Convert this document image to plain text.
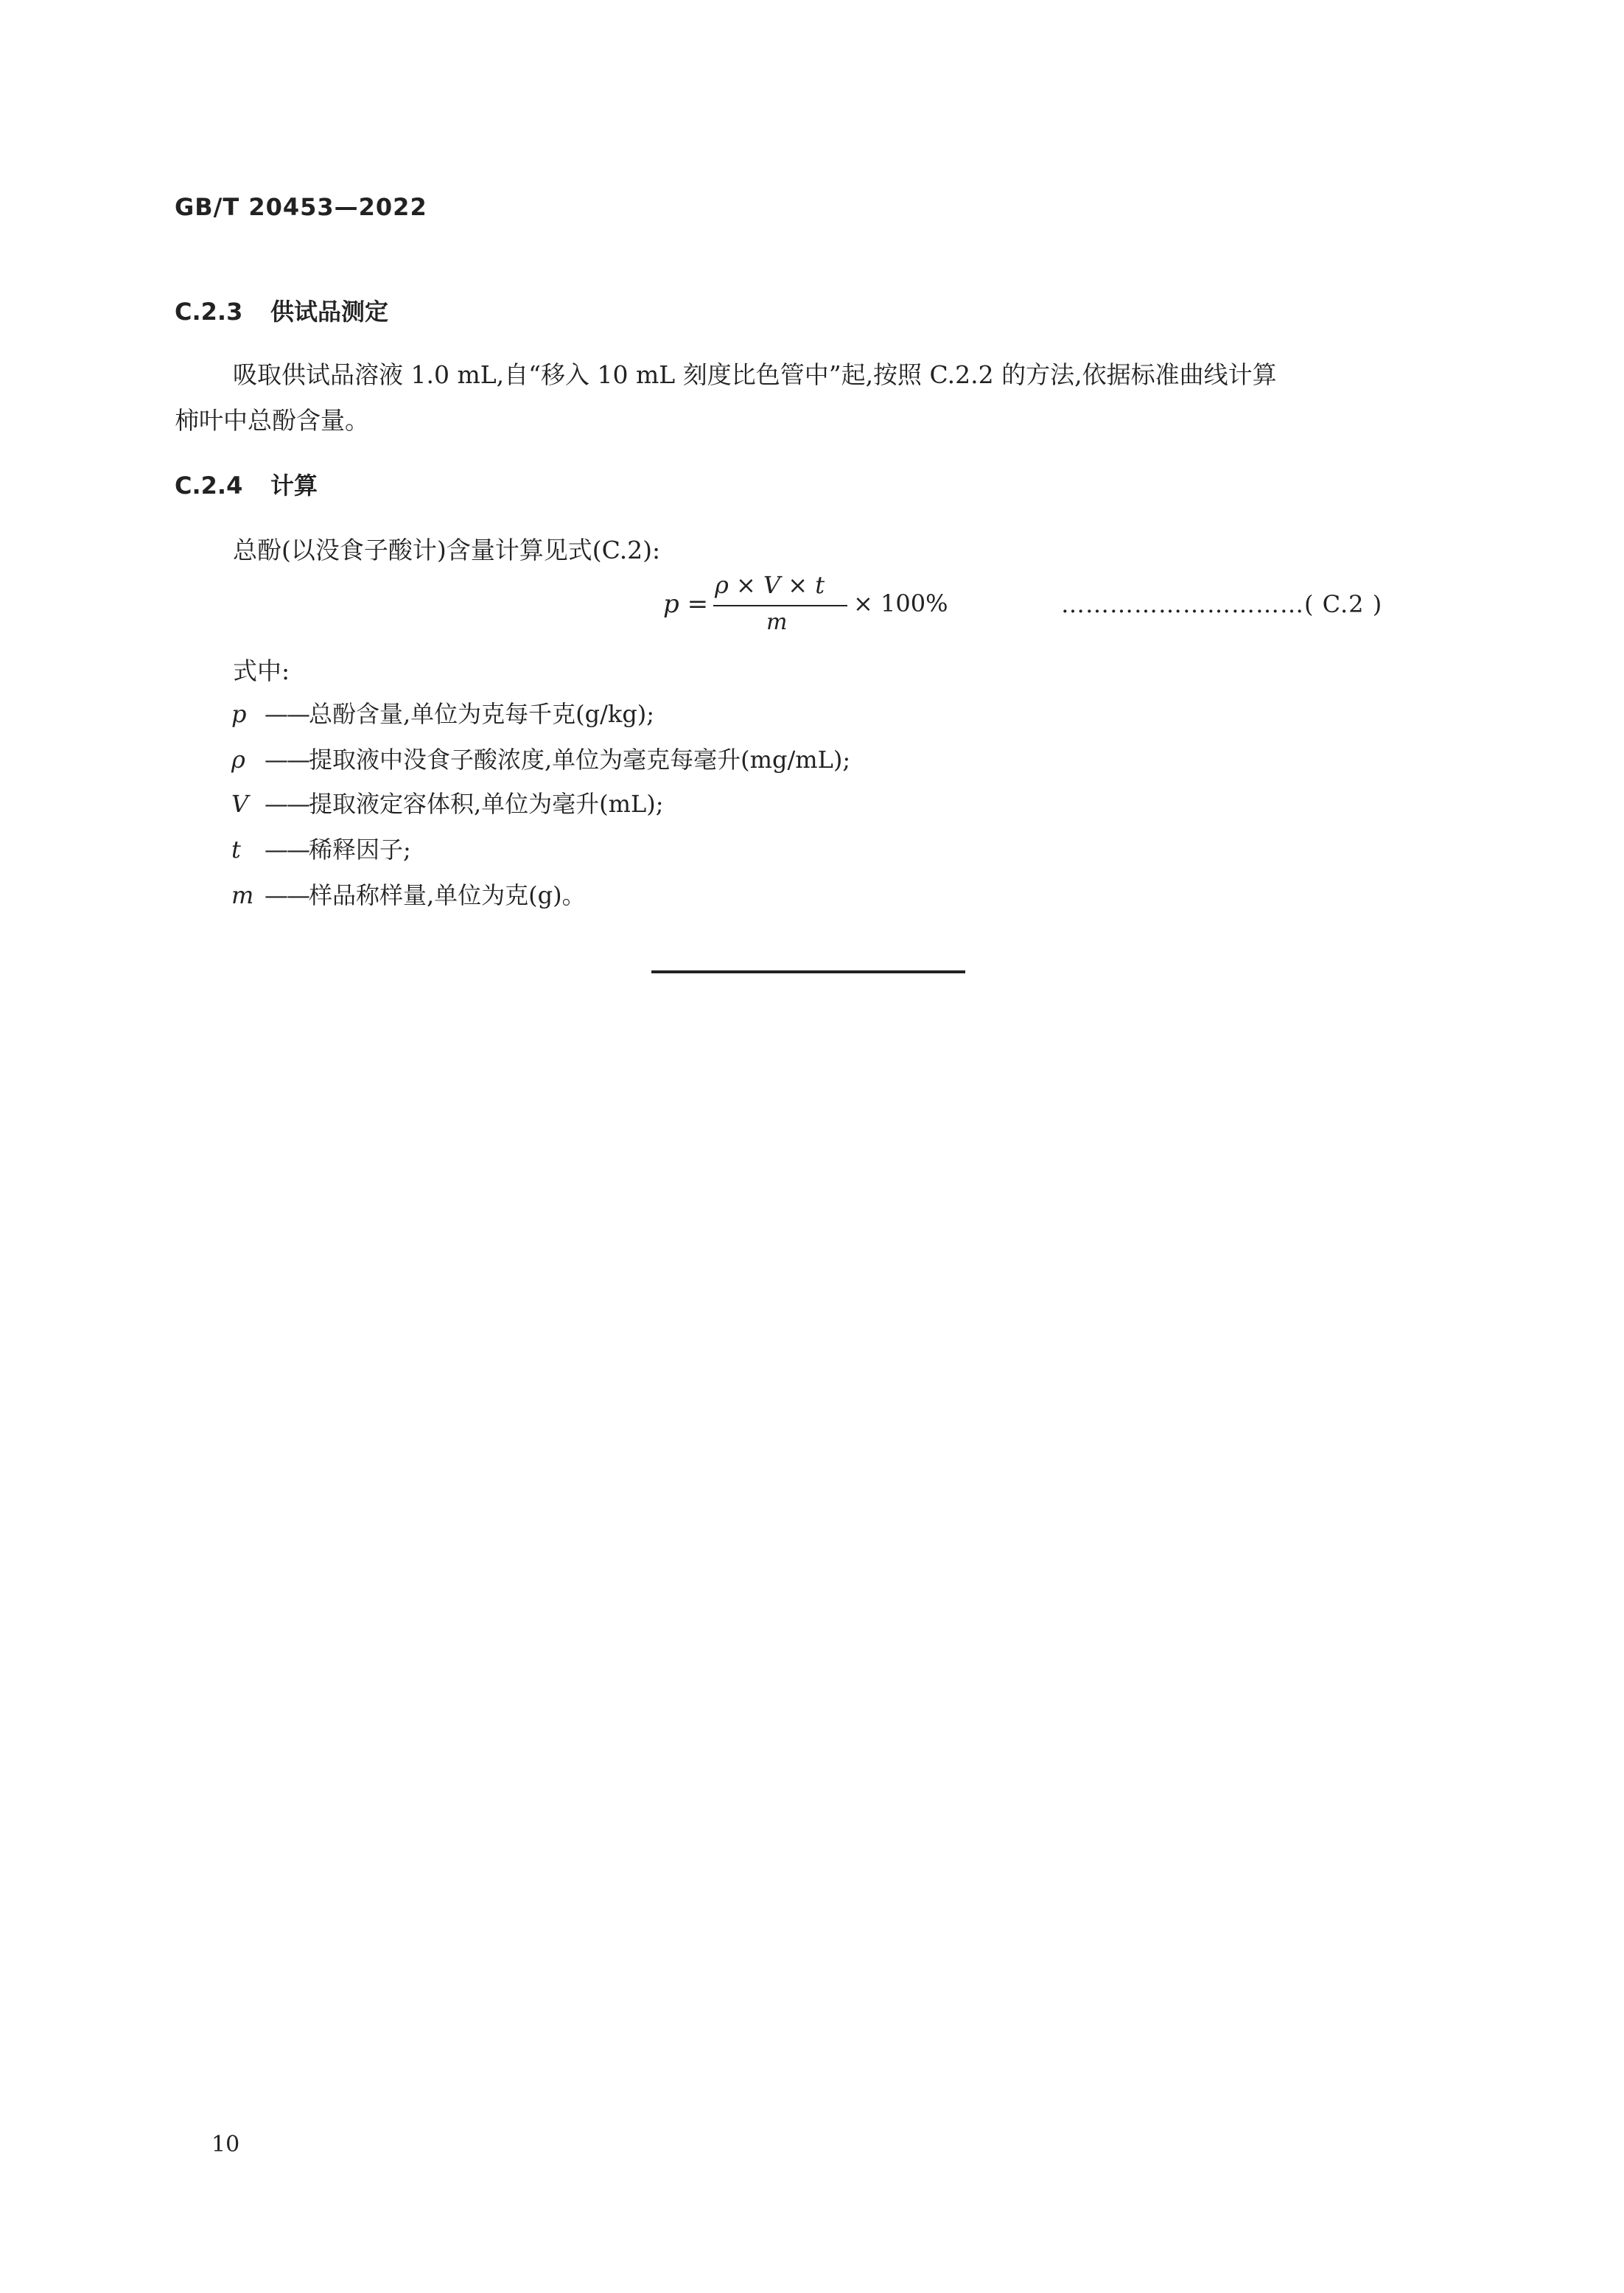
GB/T 20453—2022
C.2.3 供试品测定
吸取供试品溶液 1.0 mL,自“移入 10 mL 刻度比色管中”起,按照 C.2.2 的方法,依据标准曲线计算
柿叶中总酚含量。
C.2.4 计算
总酚(以没食子酸计)含量计算见式(C.2):
p =
ρ × V × t
m
× 100%	…………………………( C.2 )
式中:
p ——总酚含量,单位为克每千克(g/kg);
ρ ——提取液中没食子酸浓度,单位为毫克每毫升(mg/mL);
V ——提取液定容体积,单位为毫升(mL);
t ——稀释因子;
m ——样品称样量,单位为克(g)。
10
